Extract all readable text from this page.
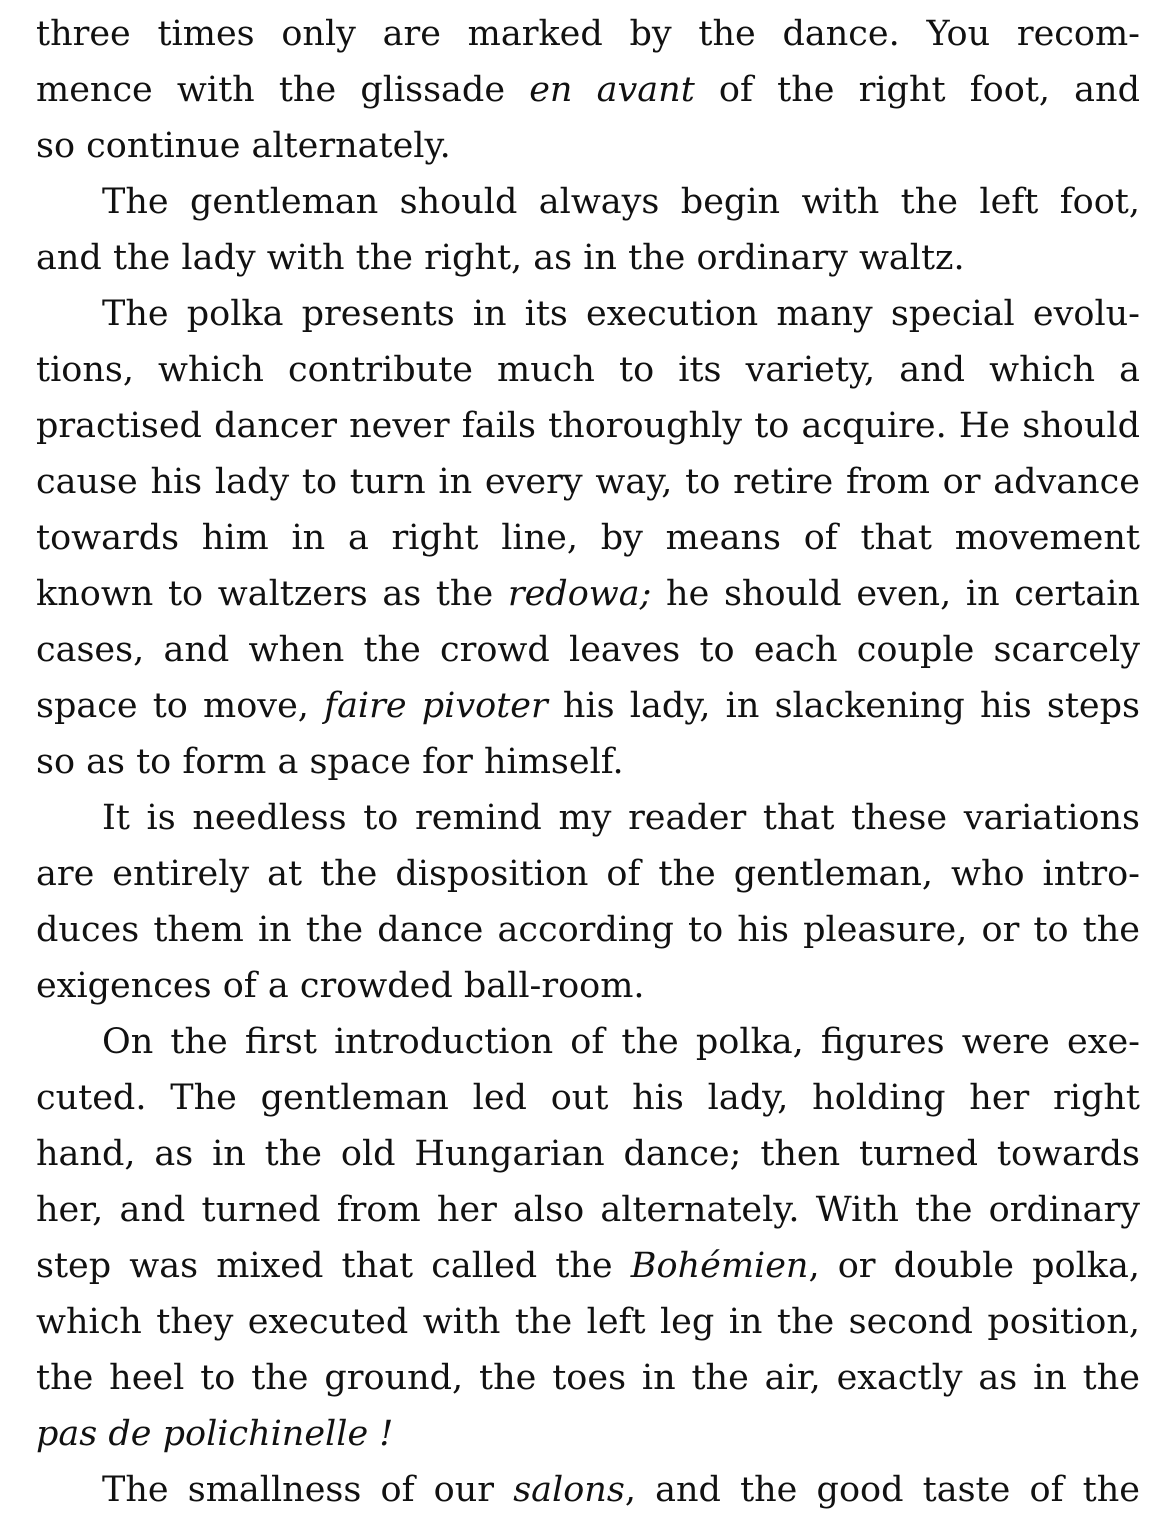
three times only are marked by the dance. You recom-
mence with the glissade en avant of the right foot, and
so continue alternately.
The gentleman should always begin with the left foot,
and the lady with the right, as in the ordinary waltz.
The polka presents in its execution many special evolu-
tions, which contribute much to its variety, and which a
practised dancer never fails thoroughly to acquire. He should
cause his lady to turn in every way, to retire from or advance
towards him in a right line, by means of that movement
known to waltzers as the redowa; he should even, in certain
cases, and when the crowd leaves to each couple scarcely
space to move, faire pivoter his lady, in slackening his steps
so as to form a space for himself.
It is needless to remind my reader that these variations
are entirely at the disposition of the gentleman, who intro-
duces them in the dance according to his pleasure, or to the
exigences of a crowded ball-room.
On the first introduction of the polka, figures were exe-
cuted. The gentleman led out his lady, holding her right
hand, as in the old Hungarian dance; then turned towards
her, and turned from her also alternately. With the ordinary
step was mixed that called the Bohémien, or double polka,
which they executed with the left leg in the second position,
the heel to the ground, the toes in the air, exactly as in the
pas de polichinelle !
The smallness of our salons, and the good taste of the
